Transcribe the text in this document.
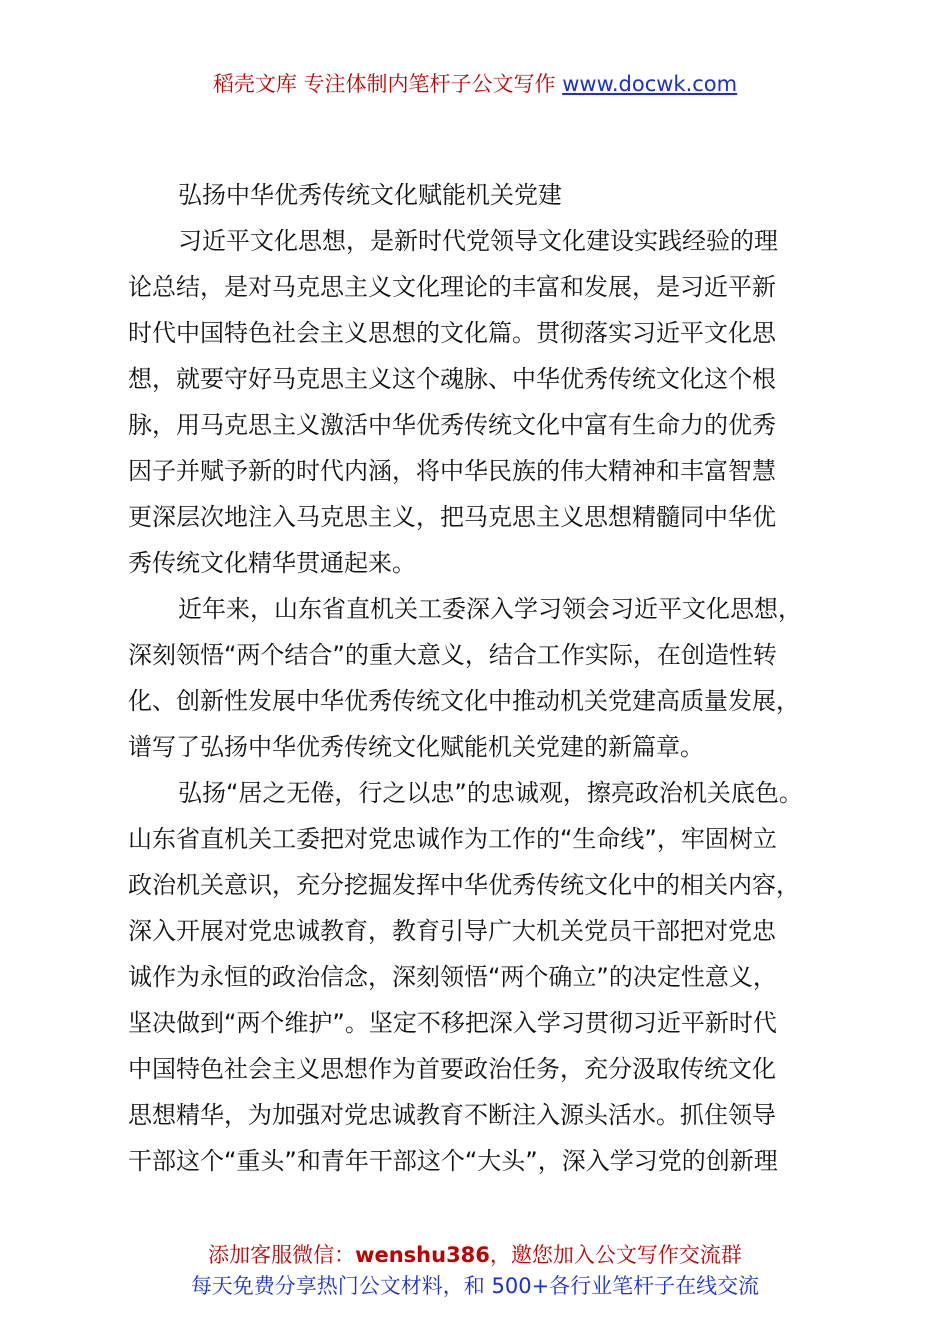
稻壳文库 专注体制内笔杆子公文写作 www.docwk.com
弘扬中华优秀传统文化赋能机关党建
习近平文化思想，是新时代党领导文化建设实践经验的理
论总结，是对马克思主义文化理论的丰富和发展，是习近平新
时代中国特色社会主义思想的文化篇。贯彻落实习近平文化思
想，就要守好马克思主义这个魂脉、中华优秀传统文化这个根
脉，用马克思主义激活中华优秀传统文化中富有生命力的优秀
因子并赋予新的时代内涵，将中华民族的伟大精神和丰富智慧
更深层次地注入马克思主义，把马克思主义思想精髓同中华优
秀传统文化精华贯通起来。
近年来，山东省直机关工委深入学习领会习近平文化思想，
深刻领悟“两个结合”的重大意义，结合工作实际，在创造性转
化、创新性发展中华优秀传统文化中推动机关党建高质量发展，
谱写了弘扬中华优秀传统文化赋能机关党建的新篇章。
弘扬“居之无倦，行之以忠”的忠诚观，擦亮政治机关底色。
山东省直机关工委把对党忠诚作为工作的“生命线”，牢固树立
政治机关意识，充分挖掘发挥中华优秀传统文化中的相关内容，
深入开展对党忠诚教育，教育引导广大机关党员干部把对党忠
诚作为永恒的政治信念，深刻领悟“两个确立”的决定性意义，
坚决做到“两个维护”。坚定不移把深入学习贯彻习近平新时代
中国特色社会主义思想作为首要政治任务，充分汲取传统文化
思想精华，为加强对党忠诚教育不断注入源头活水。抓住领导
干部这个“重头”和青年干部这个“大头”，深入学习党的创新理
添加客服微信：wenshu386，邀您加入公文写作交流群
每天免费分享热门公文材料，和 500+各行业笔杆子在线交流
